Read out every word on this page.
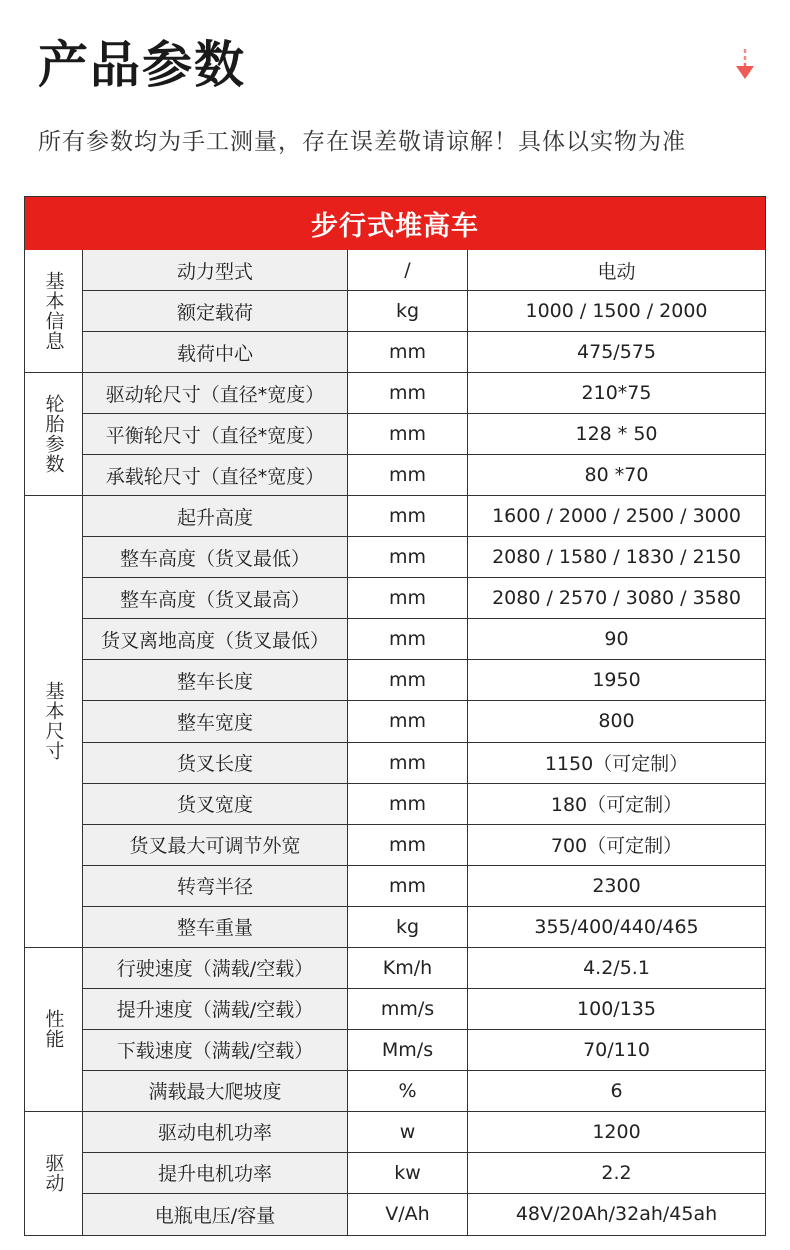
产品参数
所有参数均为手工测量，存在误差敬请谅解！具体以实物为准
步行式堆高车
基本信息	动力型式	/	电动
额定载荷	kg	1000 / 1500 / 2000
载荷中心	mm	475/575
轮胎参数	驱动轮尺寸（直径*宽度）	mm	210*75
平衡轮尺寸（直径*宽度）	mm	128 * 50
承载轮尺寸（直径*宽度）	mm	80 *70
基本尺寸
起升高度	mm	1600 / 2000 / 2500 / 3000
整车高度（货叉最低）	mm	2080 / 1580 / 1830 / 2150
整车高度（货叉最高）	mm	2080 / 2570 / 3080 / 3580
货叉离地高度（货叉最低）	mm	90
整车长度	mm	1950
整车宽度	mm	800
货叉长度	mm	1150（可定制）
货叉宽度	mm	180（可定制）
货叉最大可调节外宽	mm	700（可定制）
转弯半径	mm	2300
整车重量	kg	355/400/440/465
性能
行驶速度（满载/空载）	Km/h	4.2/5.1
提升速度（满载/空载）	mm/s	100/135
下载速度（满载/空载）	Mm/s	70/110
满载最大爬坡度	%	6
驱动
驱动电机功率	w	1200
提升电机功率	kw	2.2
电瓶电压/容量	V/Ah	48V/20Ah/32ah/45ah
